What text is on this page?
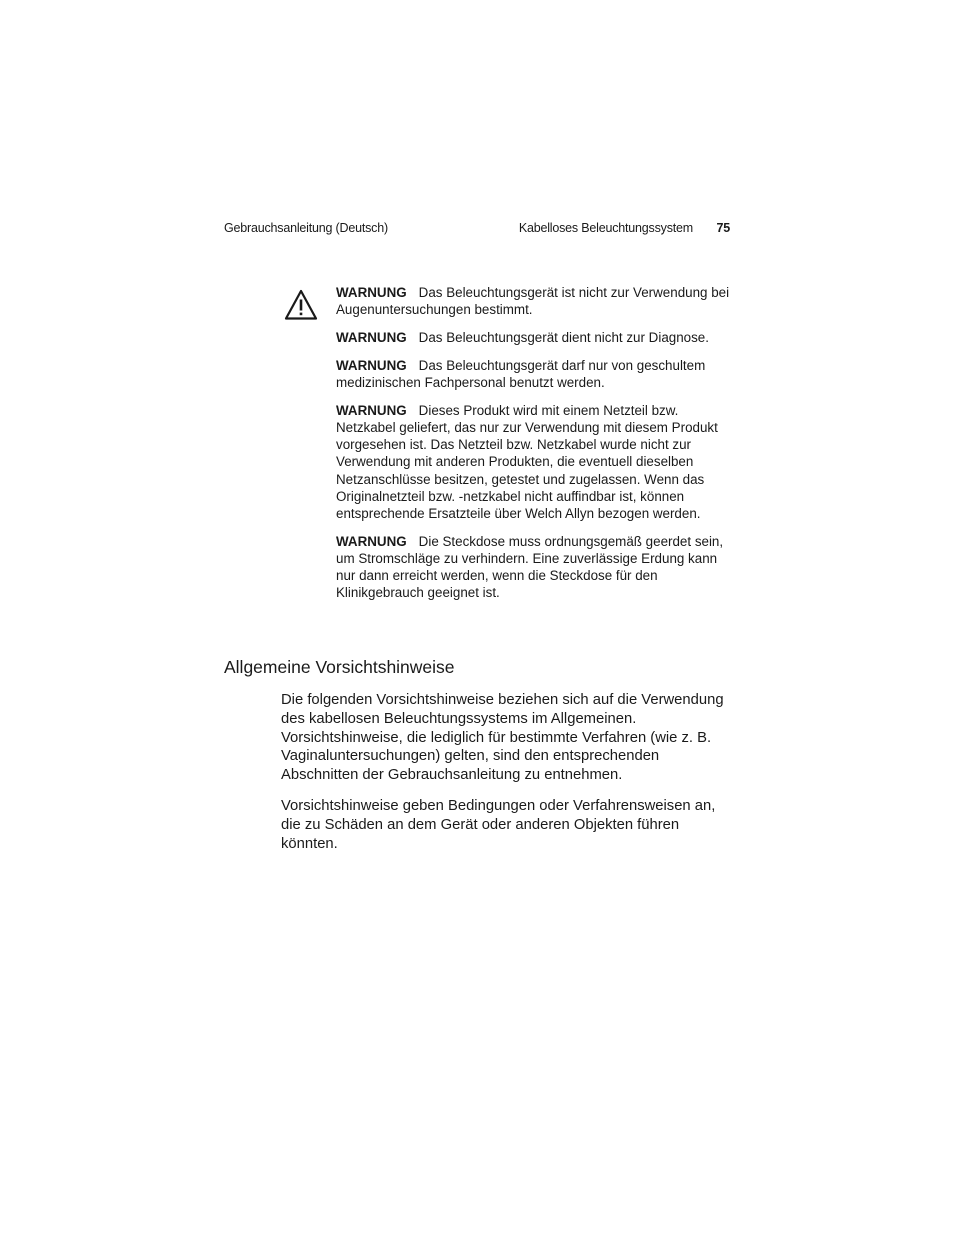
Gebrauchsanleitung (Deutsch)	Kabelloses Beleuchtungssystem 75

WARNUNG Das Beleuchtungsgerät ist nicht zur Verwendung bei Augenuntersuchungen bestimmt.

WARNUNG Das Beleuchtungsgerät dient nicht zur Diagnose.

WARNUNG Das Beleuchtungsgerät darf nur von geschultem medizinischen Fachpersonal benutzt werden.

WARNUNG Dieses Produkt wird mit einem Netzteil bzw. Netzkabel geliefert, das nur zur Verwendung mit diesem Produkt vorgesehen ist. Das Netzteil bzw. Netzkabel wurde nicht zur Verwendung mit anderen Produkten, die eventuell dieselben Netzanschlüsse besitzen, getestet und zugelassen. Wenn das Originalnetzteil bzw. -netzkabel nicht auffindbar ist, können entsprechende Ersatzteile über Welch Allyn bezogen werden.

WARNUNG Die Steckdose muss ordnungsgemäß geerdet sein, um Stromschläge zu verhindern. Eine zuverlässige Erdung kann nur dann erreicht werden, wenn die Steckdose für den Klinikgebrauch geeignet ist.

Allgemeine Vorsichtshinweise

Die folgenden Vorsichtshinweise beziehen sich auf die Verwendung des kabellosen Beleuchtungssystems im Allgemeinen. Vorsichtshinweise, die lediglich für bestimmte Verfahren (wie z. B. Vaginaluntersuchungen) gelten, sind den entsprechenden Abschnitten der Gebrauchsanleitung zu entnehmen.

Vorsichtshinweise geben Bedingungen oder Verfahrensweisen an, die zu Schäden an dem Gerät oder anderen Objekten führen könnten.
